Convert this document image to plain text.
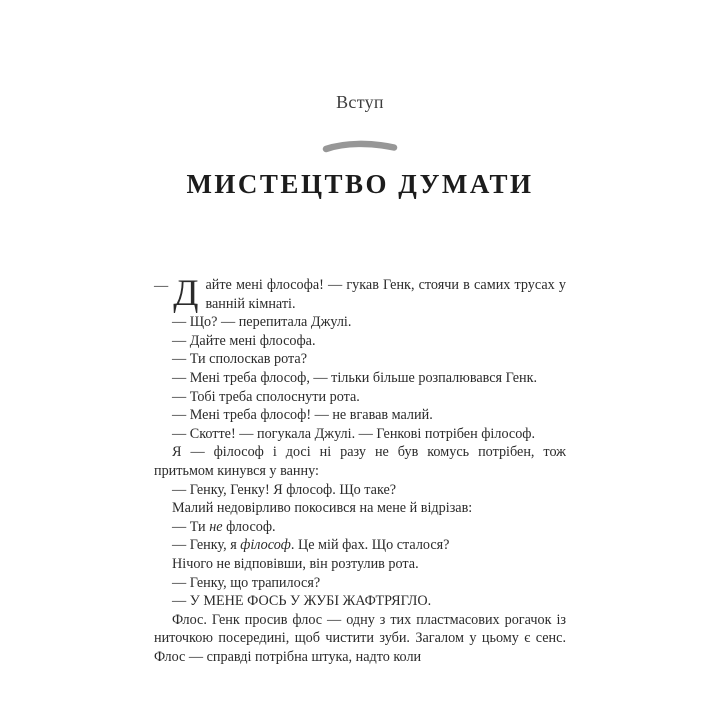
Вступ
МИСТЕЦТВО ДУМАТИ

— Д айте мені флософа! — гукав Генк, стоячи в самих трусах у ванній кімнаті.

— Що? — перепитала Джулі.

— Дайте мені флософа.

— Ти сполоскав рота?

— Мені треба флософ, — тільки більше розпалювався Генк.

— Тобі треба сполоснути рота.

— Мені треба флософ! — не вгавав малий.

— Скотте! — погукала Джулі. — Генкові потрібен філософ.

Я — філософ і досі ні разу не був комусь потрібен, тож притьмом кинувся у ванну:

— Генку, Генку! Я флософ. Що таке?

Малий недовірливо покосився на мене й відрізав:

— Ти не флософ.

— Генку, я філософ. Це мій фах. Що сталося?

Нічого не відповівши, він розтулив рота.

— Генку, що трапилося?

— У МЕНЕ ФОСЬ У ЖУБІ ЖАФТРЯГЛО.

Флос. Генк просив флос — одну з тих пластмасових рогачок із ниточкою посередині, щоб чистити зуби. Загалом у цьому є сенс. Флос — справді потрібна штука, надто коли
